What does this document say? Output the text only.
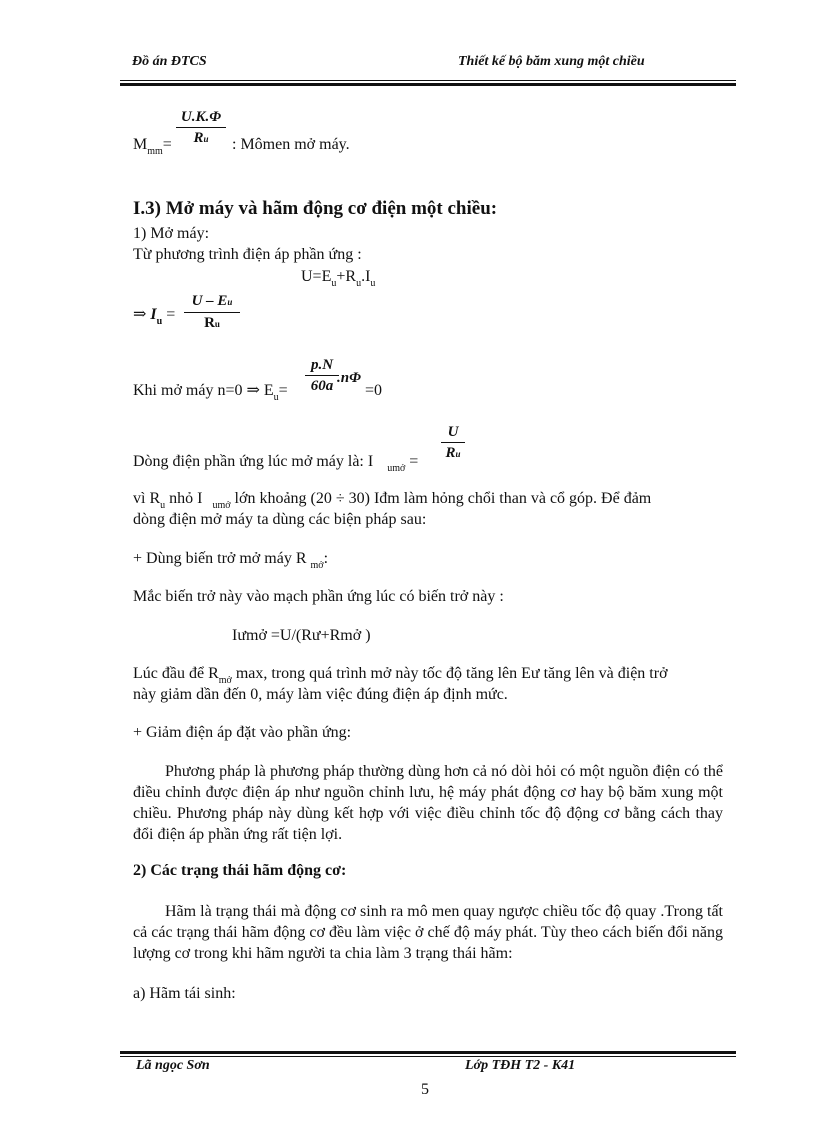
Đồ án ĐTCS	Thiết kế bộ băm xung một chiều
$M_{mm}=$
U.K.Φ
Ru	: Mômen mở máy.
I.3) Mở máy và hãm động cơ điện một chiều:
1) Mở máy:
Từ phương trình điện áp phần ứng :
$U=E_u+R_u.I_u$
⇒ $I_u$ =
U – Eu
Ru
Khi mở máy n=0 ⇒ $E_u=$
p.N
60a .nΦ
=0
Dòng điện phần ứng lúc mở máy là: I $_{umở}$ =
U
Ru
vì $R_u$ nhỏ I $_{umở}$ lớn khoảng (20 ÷ 30) Iđm làm hỏng chổi than và cổ góp. Để đảm
dòng điện mở máy ta dùng các biện pháp sau:
+ Dùng biến trở mở máy R $_{mở}$:
Mắc biến trở này vào mạch phần ứng lúc có biến trở này :
Iưmở =U/(Rư+Rmở )
Lúc đầu để $R_{mở}$ max, trong quá trình mở này tốc độ tăng lên Eư tăng lên và điện trở
này giảm dần đến 0, máy làm việc đúng điện áp định mức.
+ Giảm điện áp đặt vào phần ứng:
Phương pháp là phương pháp thường dùng hơn cả nó dòi hỏi có một nguồn điện có thể điều chỉnh được điện áp như nguồn chỉnh lưu, hệ máy phát động cơ hay bộ băm xung một chiều. Phương pháp này dùng kết hợp với việc điều chỉnh tốc độ động cơ bằng cách thay đổi điện áp phần ứng rất tiện lợi.
2) Các trạng thái hãm động cơ:
Hãm là trạng thái mà động cơ sinh ra mô men quay ngược chiều tốc độ quay .Trong tất cả các trạng thái hãm động cơ đều làm việc ở chế độ máy phát. Tùy theo cách biến đổi năng lượng cơ trong khi hãm người ta chia làm 3 trạng thái hãm:
a) Hãm tái sinh:
Lã ngọc Sơn	Lớp TĐH T2 - K41
5
